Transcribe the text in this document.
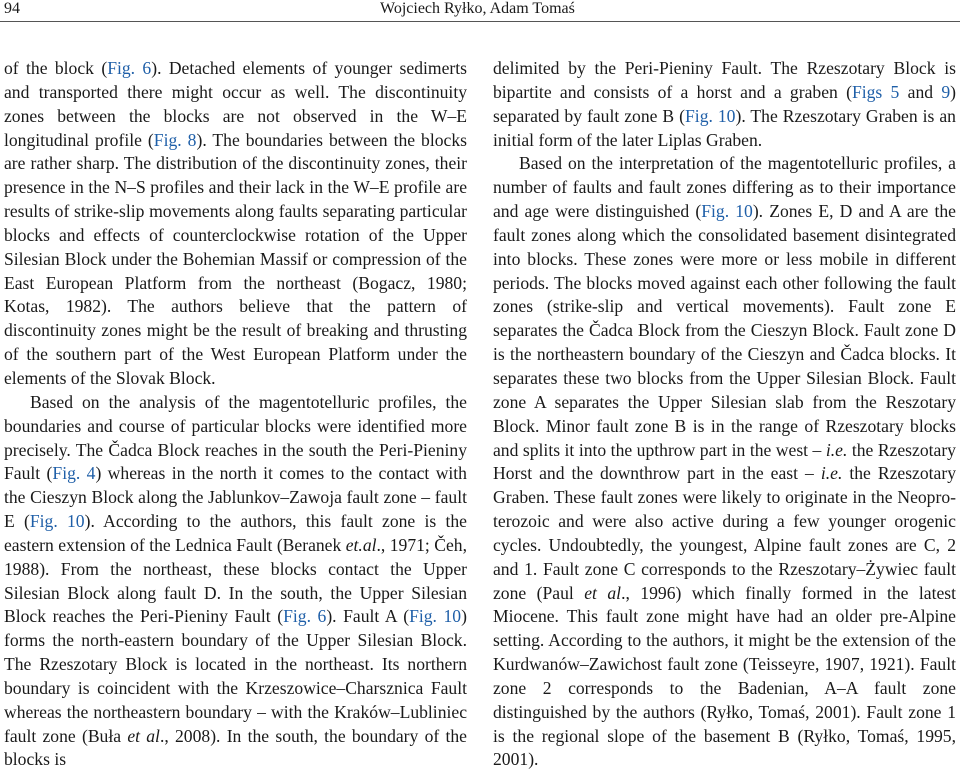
94	Wojciech Ryłko, Adam Tomaś

of the block (Fig. 6). Detached elements of younger sedimerts and transported there might occur as well. The discontinuity zones between the blocks are not observed in the W–E longitudinal profile (Fig. 8). The boundaries between the blocks are rather sharp. The distribution of the discontinuity zones, their presence in the N–S profiles and their lack in the W–E profile are results of strike-slip movements along faults separating particular blocks and effects of counterclockwise rotation of the Upper Silesian Block under the Bohemian Massif or compression of the East European Platform from the northeast (Bogacz, 1980; Kotas, 1982). The authors believe that the pattern of discontinuity zones might be the result of breaking and thrusting of the southern part of the West European Platform under the elements of the Slovak Block.

Based on the analysis of the magentotelluric profiles, the boundaries and course of particular blocks were identified more precisely. The Čadca Block reaches in the south the Peri-Pieniny Fault (Fig. 4) whereas in the north it comes to the contact with the Cieszyn Block along the Jablunkov–Zawoja fault zone – fault E (Fig. 10). According to the authors, this fault zone is the eastern extension of the Lednica Fault (Beranek et.al., 1971; Čeh, 1988). From the northeast, these blocks contact the Upper Silesian Block along fault D. In the south, the Upper Silesian Block reaches the Peri-Pieniny Fault (Fig. 6). Fault A (Fig. 10) forms the north-eastern boundary of the Upper Silesian Block. The Rzeszotary Block is located in the northeast. Its northern boundary is coincident with the Krzeszowice–Charsznica Fault whereas the northeastern boundary – with the Kraków–Lubliniec fault zone (Buła et al., 2008). In the south, the boundary of the blocks is

delimited by the Peri-Pieniny Fault. The Rzeszotary Block is bipartite and consists of a horst and a graben (Figs 5 and 9) separated by fault zone B (Fig. 10). The Rzeszotary Graben is an initial form of the later Liplas Graben.

Based on the interpretation of the magentotelluric profiles, a number of faults and fault zones differing as to their importance and age were distinguished (Fig. 10). Zones E, D and A are the fault zones along which the consolidated basement disintegrated into blocks. These zones were more or less mobile in different periods. The blocks moved against each other following the fault zones (strike-slip and vertical movements). Fault zone E separates the Čadca Block from the Cieszyn Block. Fault zone D is the northeastern boundary of the Cieszyn and Čadca blocks. It separates these two blocks from the Upper Silesian Block. Fault zone A separates the Upper Silesian slab from the Reszotary Block. Minor fault zone B is in the range of Rzeszotary blocks and splits it into the upthrow part in the west – i.e. the Rzeszotary Horst and the downthrow part in the east – i.e. the Rzeszotary Graben. These fault zones were likely to originate in the Neoproterozoic and were also active during a few younger orogenic cycles. Undoubtedly, the youngest, Alpine fault zones are C, 2 and 1. Fault zone C corresponds to the Rzeszotary–Żywiec fault zone (Paul et al., 1996) which finally formed in the latest Miocene. This fault zone might have had an older pre-Alpine setting. According to the authors, it might be the extension of the Kurdwanów–Zawichost fault zone (Teisseyre, 1907, 1921). Fault zone 2 corresponds to the Badenian, A–A fault zone distinguished by the authors (Ryłko, Tomaś, 2001). Fault zone 1 is the regional slope of the basement B (Ryłko, Tomaś, 1995, 2001).
